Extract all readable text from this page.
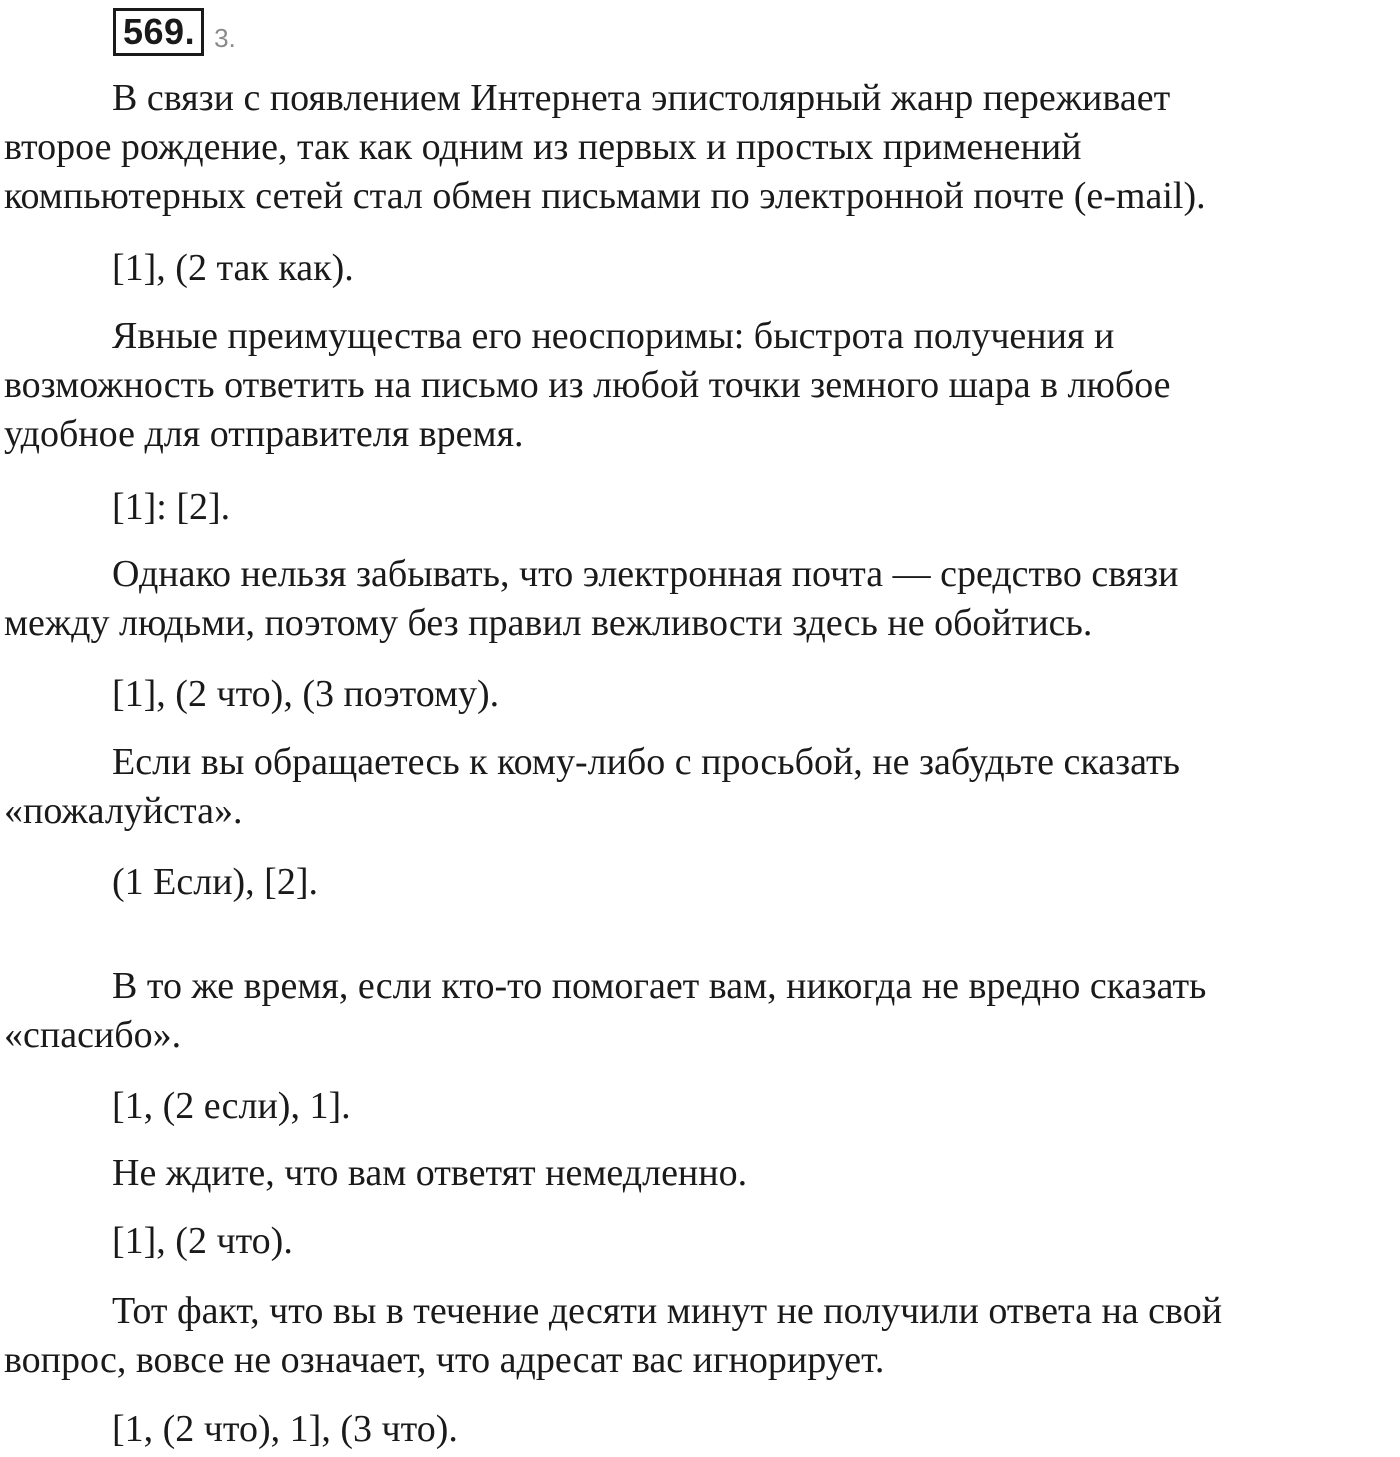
569. 3.

В связи с появлением Интернета эпистолярный жанр переживает
второе рождение, так как одним из первых и простых применений
компьютерных сетей стал обмен письмами по электронной почте (e-mail).

[1], (2 так как).

Явные преимущества его неоспоримы: быстрота получения и
возможность ответить на письмо из любой точки земного шара в любое
удобное для отправителя время.

[1]: [2].

Однако нельзя забывать, что электронная почта — средство связи
между людьми, поэтому без правил вежливости здесь не обойтись.

[1], (2 что), (3 поэтому).

Если вы обращаетесь к кому-либо с просьбой, не забудьте сказать
«пожалуйста».

(1 Если), [2].

В то же время, если кто-то помогает вам, никогда не вредно сказать
«спасибо».

[1, (2 если), 1].

Не ждите, что вам ответят немедленно.

[1], (2 что).

Тот факт, что вы в течение десяти минут не получили ответа на свой
вопрос, вовсе не означает, что адресат вас игнорирует.

[1, (2 что), 1], (3 что).
